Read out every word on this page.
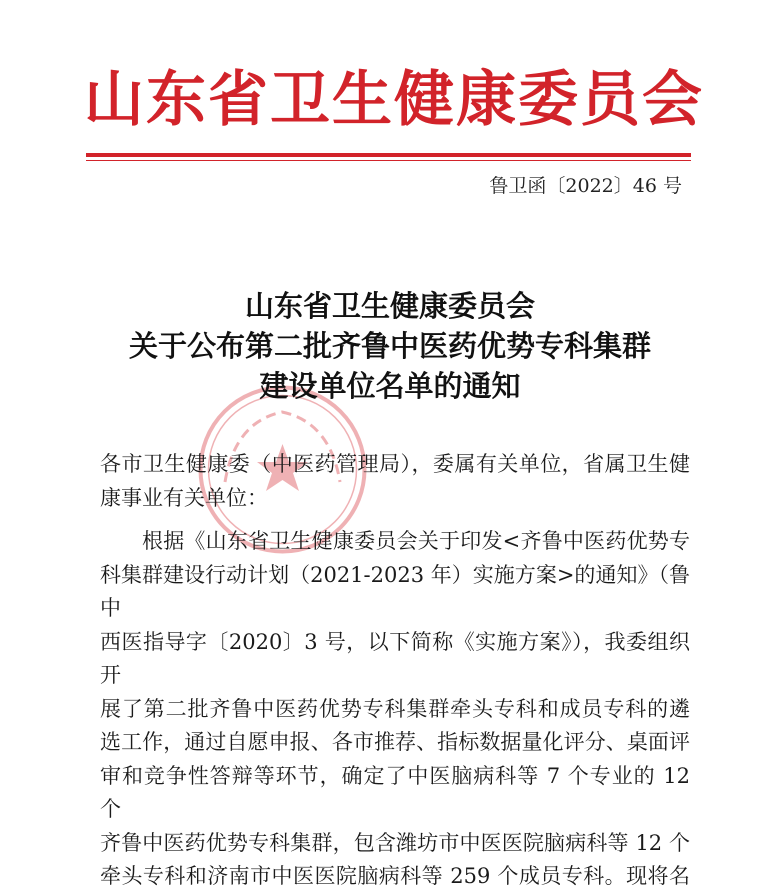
山东省卫生健康委员会
鲁卫函〔2022〕46 号
山东省卫生健康委员会
关于公布第二批齐鲁中医药优势专科集群
建设单位名单的通知

各市卫生健康委（中医药管理局），委属有关单位，省属卫生健

康事业有关单位：

根据《山东省卫生健康委员会关于印发<齐鲁中医药优势专

科集群建设行动计划（2021-2023 年）实施方案>的通知》（鲁中

西医指导字〔2020〕3 号，以下简称《实施方案》），我委组织开

展了第二批齐鲁中医药优势专科集群牵头专科和成员专科的遴

选工作，通过自愿申报、各市推荐、指标数据量化评分、桌面评

审和竞争性答辩等环节，确定了中医脑病科等 7 个专业的 12 个

齐鲁中医药优势专科集群，包含潍坊市中医医院脑病科等 12 个

牵头专科和济南市中医医院脑病科等 259 个成员专科。现将名
